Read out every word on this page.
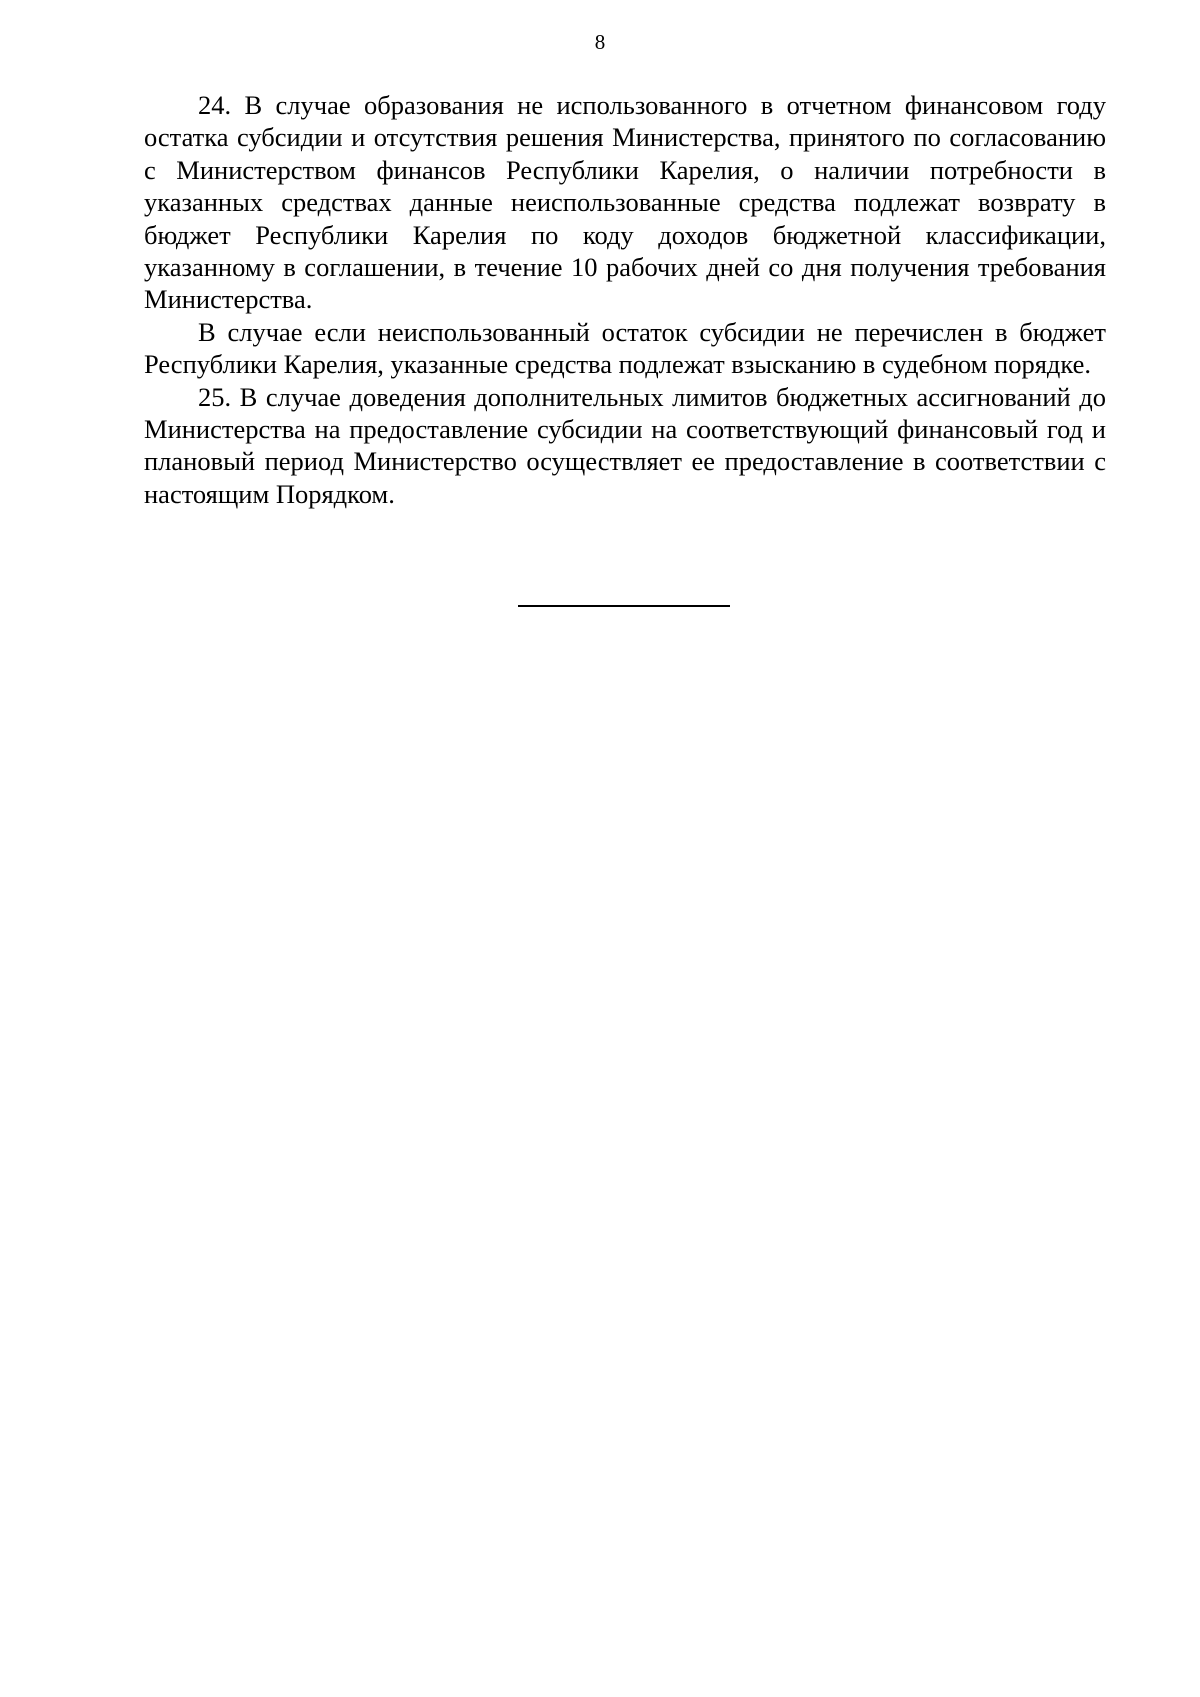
8

24. В случае образования не использованного в отчетном финансовом году остатка субсидии и отсутствия решения Министерства, принятого по согласованию с Министерством финансов Республики Карелия, о наличии потребности в указанных средствах данные неиспользованные средства подлежат возврату в бюджет Республики Карелия по коду доходов бюджетной классификации, указанному в соглашении, в течение 10 рабочих дней со дня получения требования Министерства.

В случае если неиспользованный остаток субсидии не перечислен в бюджет Республики Карелия, указанные средства подлежат взысканию в судебном порядке.

25. В случае доведения дополнительных лимитов бюджетных ассигнований до Министерства на предоставление субсидии на соответствующий финансовый год и плановый период Министерство осуществляет ее предоставление в соответствии с настоящим Порядком.
